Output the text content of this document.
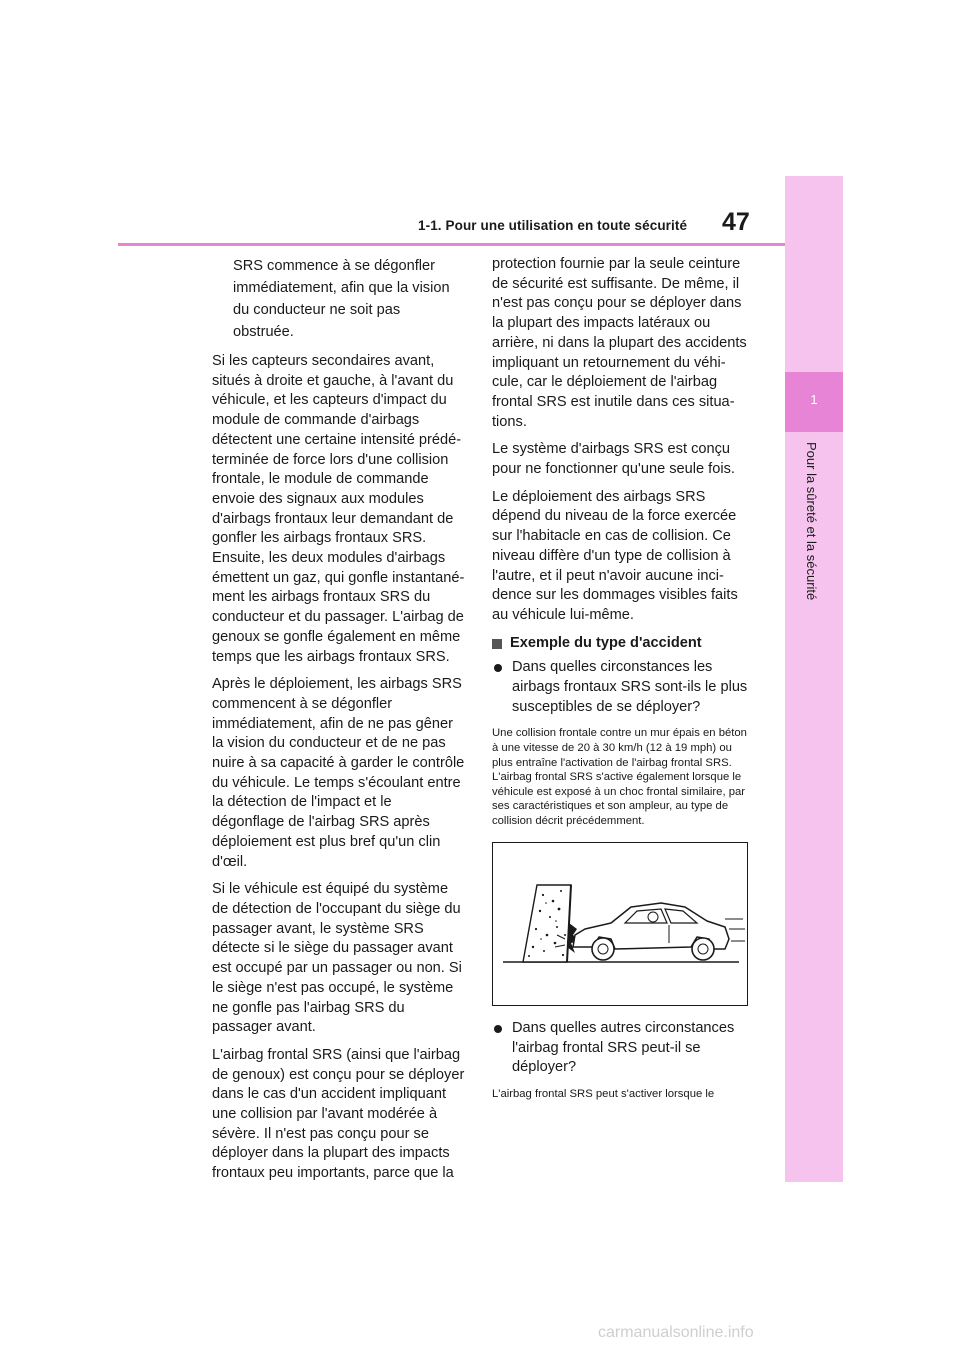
1-1. Pour une utilisation en toute sécurité 47
1
Pour la sûreté et la sécurité

SRS commence à se dégonfler immédiatement, afin que la vision du conducteur ne soit pas obstruée.

Si les capteurs secondaires avant, situés à droite et gauche, à l'avant du véhicule, et les capteurs d'impact du module de commande d'airbags détectent une certaine intensité prédéterminée de force lors d'une collision frontale, le module de commande envoie des signaux aux modules d'airbags frontaux leur demandant de gonfler les airbags frontaux SRS. Ensuite, les deux modules d'airbags émettent un gaz, qui gonfle instantanément les airbags frontaux SRS du conducteur et du passager. L'airbag de genoux se gonfle également en même temps que les airbags frontaux SRS.

Après le déploiement, les airbags SRS commencent à se dégonfler immédiatement, afin de ne pas gêner la vision du conducteur et de ne pas nuire à sa capacité à garder le contrôle du véhicule. Le temps s'écoulant entre la détection de l'impact et le dégonflage de l'airbag SRS après déploiement est plus bref qu'un clin d'œil.

Si le véhicule est équipé du système de détection de l'occupant du siège du passager avant, le système SRS détecte si le siège du passager avant est occupé par un passager ou non. Si le siège n'est pas occupé, le système ne gonfle pas l'airbag SRS du passager avant.

L'airbag frontal SRS (ainsi que l'airbag de genoux) est conçu pour se déployer dans le cas d'un accident impliquant une collision par l'avant modérée à sévère. Il n'est pas conçu pour se déployer dans la plupart des impacts frontaux peu importants, parce que la

protection fournie par la seule ceinture de sécurité est suffisante. De même, il n'est pas conçu pour se déployer dans la plupart des impacts latéraux ou arrière, ni dans la plupart des accidents impliquant un retournement du véhicule, car le déploiement de l'airbag frontal SRS est inutile dans ces situations.

Le système d'airbags SRS est conçu pour ne fonctionner qu'une seule fois.

Le déploiement des airbags SRS dépend du niveau de la force exercée sur l'habitacle en cas de collision. Ce niveau diffère d'un type de collision à l'autre, et il peut n'avoir aucune incidence sur les dommages visibles faits au véhicule lui-même.

Exemple du type d'accident
Dans quelles circonstances les airbags frontaux SRS sont-ils le plus susceptibles de se déployer?

Une collision frontale contre un mur épais en béton à une vitesse de 20 à 30 km/h (12 à 19 mph) ou plus entraîne l'activation de l'airbag frontal SRS. L'airbag frontal SRS s'active également lorsque le véhicule est exposé à un choc frontal similaire, par ses caractéristiques et son ampleur, au type de collision décrit précédemment.

Dans quelles autres circonstances l'airbag frontal SRS peut-il se déployer?

L'airbag frontal SRS peut s'activer lorsque le

carmanualsonline.info
